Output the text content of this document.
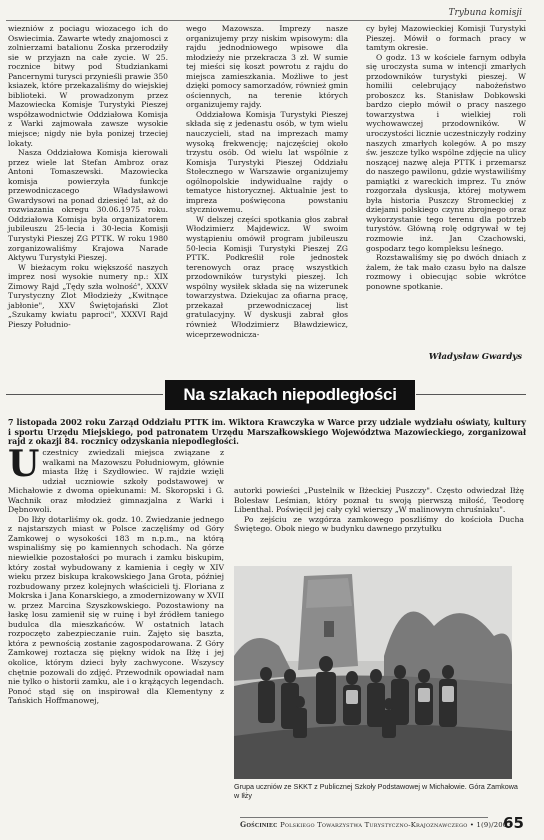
Trybuna komisji

wiezniów z pociagu wiozacego ich do Oswiecimia. Zawarte wtedy znajomosci z zolnierzami batalionu Zoska przerodziły sie w przyjazn na całe zycie. W 25. rocznice bitwy pod Studziankami Pancernymi turysci przynieśli prawie 350 ksiazek, które przekazaliśmy do wiejskiej biblioteki. W prowadzonym przez Mazowiecka Komisje Turystyki Pieszej współzawodnictwie Oddziałowa Komisja z Warki zajmowała zawsze wysokie miejsce; nigdy nie była ponizej trzeciej lokaty.

Nasza Oddziałowa Komisja kierowali przez wiele lat Stefan Ambroz oraz Antoni Tomaszewski. Mazowiecka komisja powierzyła funkcje przewodniczacego Władysławowi Gwardysowi na ponad dziesięć lat, aż do rozwiazania okregu 30.06.1975 roku. Oddziałowa Komisja była organizatorem jubileuszu 25-lecia i 30-lecia Komisji Turystyki Pieszej ZG PTTK. W roku 1980 zorganizowaliśmy Krajowa Narade Aktywu Turystyki Pieszej.

W bieżacym roku większość naszych imprez nosi wysokie numery np.: XIX Zimowy Rajd „Tędy szła wolność", XXXV Turystyczny Zlot Młodzieży „Kwitnące jabłonie", XXV Świętojański Zlot „Szukamy kwiatu paproci", XXXVI Rajd Pieszy Południo-

wego Mazowsza. Imprezy nasze organizujemy przy niskim wpisowym: dla rajdu jednodniowego wpisowe dla młodzieży nie przekracza 3 zł. W sumie tej mieści się koszt powrotu z rajdu do miejsca zamieszkania. Możliwe to jest dzięki pomocy samorzadów, również gmin ościennych, na terenie których organizujemy rajdy.

Oddziałowa Komisja Turystyki Pieszej składa się z jedenastu osób, w tym wielu nauczycieli, stad na imprezach mamy wysoką frekwencję; najczęściej około trzystu osób. Od wielu lat wspólnie z Komisja Turystyki Pieszej Oddziału Stołecznego w Warszawie organizujemy ogólnopolskie indywidualne rajdy o tematyce historycznej. Aktualnie jest to impreza poświęcona powstaniu styczniowemu.

W delszej części spotkania głos zabrał Włodzimierz Majdewicz. W swoim wystąpieniu omówił program jubileuszu 50-lecia Komisji Turystyki Pieszej ZG PTTK. Podkreślił role jednostek terenowych oraz pracę wszystkich przodowników turystyki pieszej. Ich wspólny wysiłek składa się na wizerunek towarzystwa. Dziekujac za ofiarna pracę, przekazał przewodniczacej list gratulacyjny. W dyskusji zabrał głos również Włodzimierz Bławdziewicz, wiceprzewodnicza-

cy byłej Mazowieckiej Komisji Turystyki Pieszej. Mówił o formach pracy w tamtym okresie.

O godz. 13 w kościele farnym odbyła się uroczysta suma w intencji zmarłych przodowników turystyki pieszej. W homilii celebrujący nabożeństwo proboszcz ks. Stanisław Dobkowski bardzo ciepło mówił o pracy naszego towarzystwa i wielkiej roli wychowawczej przodowników. W uroczystości licznie uczestniczyły rodziny naszych zmarłych kolegów. A po mszy św. jeszcze tylko wspólne zdjęcie na ulicy noszącej nazwę alejа PTTK i przemarsz do naszego pawilonu, gdzie wystawiliśmy pamiątki z wareckich imprez. Tu znów rozgorzała dyskusja, której motywem była historia Puszczy Stromeckiej z dziejami polskiego czynu zbrojnego oraz wykorzystanie tego terenu dla potrzeb turystów. Główną rolę odgrywał w tej rozmowie inż. Jan Czachowski, gospodarz tego kompleksu leśnego.

Rozstawaliśmy się po dwóch dniach z żalem, że tak mało czasu było na dalsze rozmowy i obiecując sobie wkrótce ponowne spotkanie.

Władysław Gwardys
Na szlakach niepodległości
7 listopada 2002 roku Zarząd Oddziału PTTK im. Wiktora Krawczyka w Warce przy udziale wydziału oświaty, kultury i sportu Urzędu Miejskiego, pod patronatem Urzędu Marszałkowskiego Województwa Mazowieckiego, zorganizował rajd z okazji 84. rocznicy odzyskania niepodległości.

Uczestnicy zwiedzali miejsca związane z walkami na Mazowszu Południowym, głównie miasta Iłżę i Szydłowiec. W rajdzie wzięli udział uczniowie szkoły podstawowej w Michałowie z dwoma opiekunami: M. Skoropski i G. Wachnik oraz młodzież gimnazjalna z Warki i Dębnowoli.

Do Iłży dotarliśmy ok. godz. 10. Zwiedzanie jednego z najstarszych miast w Polsce zaczęliśmy od Góry Zamkowej o wysokości 183 m n.p.m., na którą wspinaliśmy się po kamiennych schodach. Na górze niewielkie pozostałości po murach i zamku biskupim, który został wybudowany z kamienia i cegły w XIV wieku przez biskupa krakowskiego Jana Grota, później rozbudowany przez kolejnych właścicieli tj. Floriana z Mokrska i Jana Konarskiego, a zmodernizowany w XVII w. przez Marcina Szyszkowskiego. Pozostawiony na łaskę losu zamienił się w ruinę i był źródłem taniego budulca dla mieszkańców. W ostatnich latach rozpoczęto zabezpieczanie ruin. Zajęto się baszta, która z pewnością zostanie zagospodarowana. Z Góry Zamkowej roztacza się piękny widok na Iłżę i jej okolice, którym dzieci były zachwycone. Wszyscy chętnie pozowali do zdjęć. Przewodnik opowiadał nam nie tylko o historii zamku, ale i o krążących legendach. Ponoć stąd się on inspirował dla Klementyny z Tańskich Hoffmanowej,

autorki powieści „Pustelnik w Iłżeckiej Puszczy". Często odwiedzał Iłżę Bolesław Leśmian, który poznał tu swoją pierwszą miłość, Teodorę Libenthal. Poświęcił jej cały cykl wierszy „W malinowym chruśniaku".

Po zejściu ze wzgórza zamkowego poszliśmy do kościoła Ducha Świętego. Obok niego w budynku dawnego przytułku

Grupa uczniów ze SKKT z Publicznej Szkoły Podstawowej w Michałowie. Góra Zamkowa w Iłży
Gościniec Polskiego Towarzystwa Turystyczno-Krajoznawczego • 1(9)/2003
65
